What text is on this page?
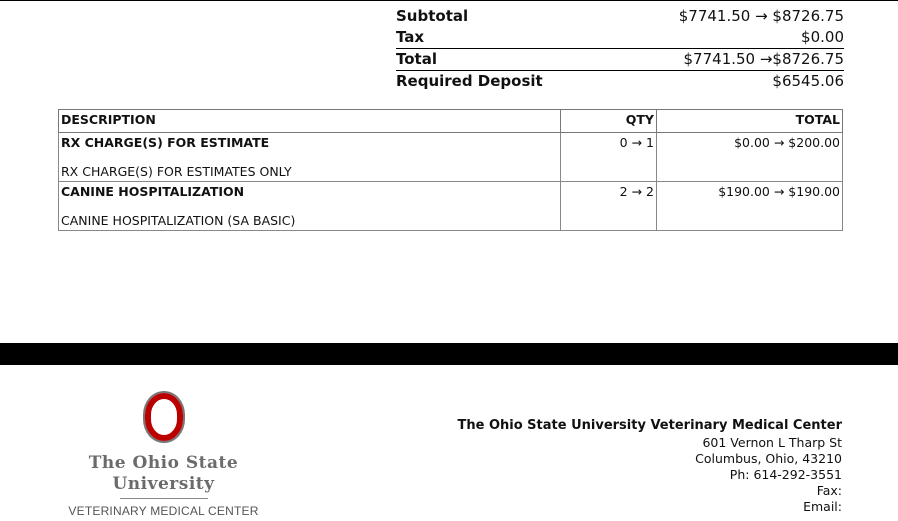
Subtotal	$7741.50 → $8726.75
Tax	$0.00
Total	$7741.50 →$8726.75
Required Deposit	$6545.06
DESCRIPTION	QTY	TOTAL

RX CHARGE(S) FOR ESTIMATE
RX CHARGE(S) FOR ESTIMATES ONLY	0 → 1	$0.00 → $200.00

CANINE HOSPITALIZATION
CANINE HOSPITALIZATION (SA BASIC)	2 → 2	$190.00 → $190.00
The Ohio State
University
VETERINARY MEDICAL CENTER
The Ohio State University Veterinary Medical Center
601 Vernon L Tharp St
Columbus, Ohio, 43210
Ph: 614-292-3551
Fax:
Email:
